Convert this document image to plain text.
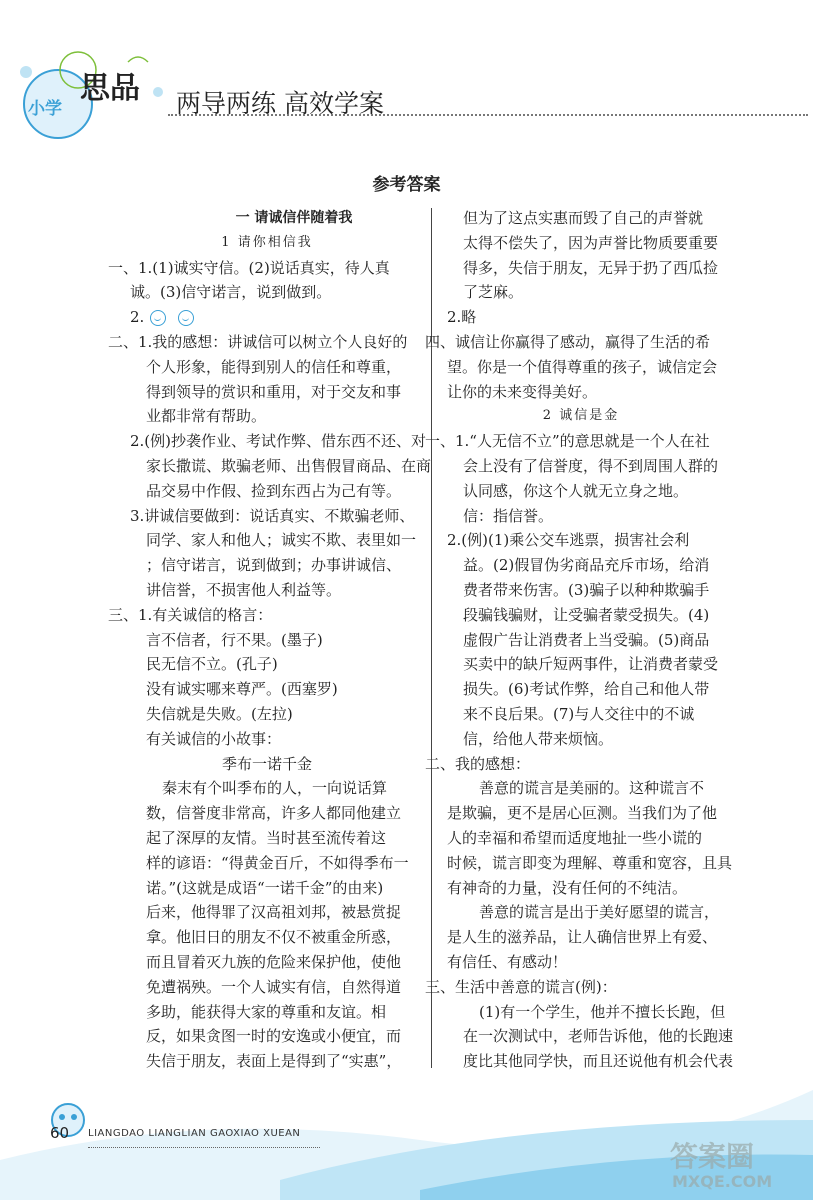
小学
思品 两导两练 高效学案
参考答案
一 请诚信伴随着我
1 请你相信我
一、1.(1)诚实守信。(2)说话真实，待人真
诚。(3)信守诺言，说到做到。
2.
二、1.我的感想：讲诚信可以树立个人良好的
个人形象，能得到别人的信任和尊重，
得到领导的赏识和重用，对于交友和事
业都非常有帮助。
2.(例)抄袭作业、考试作弊、借东西不还、对
家长撒谎、欺骗老师、出售假冒商品、在商
品交易中作假、捡到东西占为己有等。
3.讲诚信要做到：说话真实、不欺骗老师、
同学、家人和他人；诚实不欺、表里如一
；信守诺言，说到做到；办事讲诚信、
讲信誉，不损害他人利益等。
三、1.有关诚信的格言：
言不信者，行不果。(墨子)
民无信不立。(孔子)
没有诚实哪来尊严。(西塞罗)
失信就是失败。(左拉)
有关诚信的小故事：
季布一诺千金
秦末有个叫季布的人，一向说话算
数，信誉度非常高，许多人都同他建立
起了深厚的友情。当时甚至流传着这
样的谚语：“得黄金百斤，不如得季布一
诺。”(这就是成语“一诺千金”的由来)
后来，他得罪了汉高祖刘邦，被悬赏捉
拿。他旧日的朋友不仅不被重金所惑，
而且冒着灭九族的危险来保护他，使他
免遭祸殃。一个人诚实有信，自然得道
多助，能获得大家的尊重和友谊。相
反，如果贪图一时的安逸或小便宜，而
失信于朋友，表面上是得到了“实惠”，
但为了这点实惠而毁了自己的声誉就
太得不偿失了，因为声誉比物质要重要
得多，失信于朋友，无异于扔了西瓜捡
了芝麻。
2.略
四、诚信让你赢得了感动，赢得了生活的希
望。你是一个值得尊重的孩子，诚信定会
让你的未来变得美好。
2 诚信是金
一、1.“人无信不立”的意思就是一个人在社
会上没有了信誉度，得不到周围人群的
认同感，你这个人就无立身之地。
信：指信誉。
2.(例)(1)乘公交车逃票，损害社会利
益。(2)假冒伪劣商品充斥市场，给消
费者带来伤害。(3)骗子以种种欺骗手
段骗钱骗财，让受骗者蒙受损失。(4)
虚假广告让消费者上当受骗。(5)商品
买卖中的缺斤短两事件，让消费者蒙受
损失。(6)考试作弊，给自己和他人带
来不良后果。(7)与人交往中的不诚
信，给他人带来烦恼。
二、我的感想：
善意的谎言是美丽的。这种谎言不
是欺骗，更不是居心叵测。当我们为了他
人的幸福和希望而适度地扯一些小谎的
时候，谎言即变为理解、尊重和宽容，且具
有神奇的力量，没有任何的不纯洁。
善意的谎言是出于美好愿望的谎言，
是人生的滋养品，让人确信世界上有爱、
有信任、有感动！
三、生活中善意的谎言(例)：
(1)有一个学生，他并不擅长长跑，但
在一次测试中，老师告诉他，他的长跑速
度比其他同学快，而且还说他有机会代表
60 LIANGDAO LIANGLIAN GAOXIAO XUEAN
答案圈
MXQE.COM
